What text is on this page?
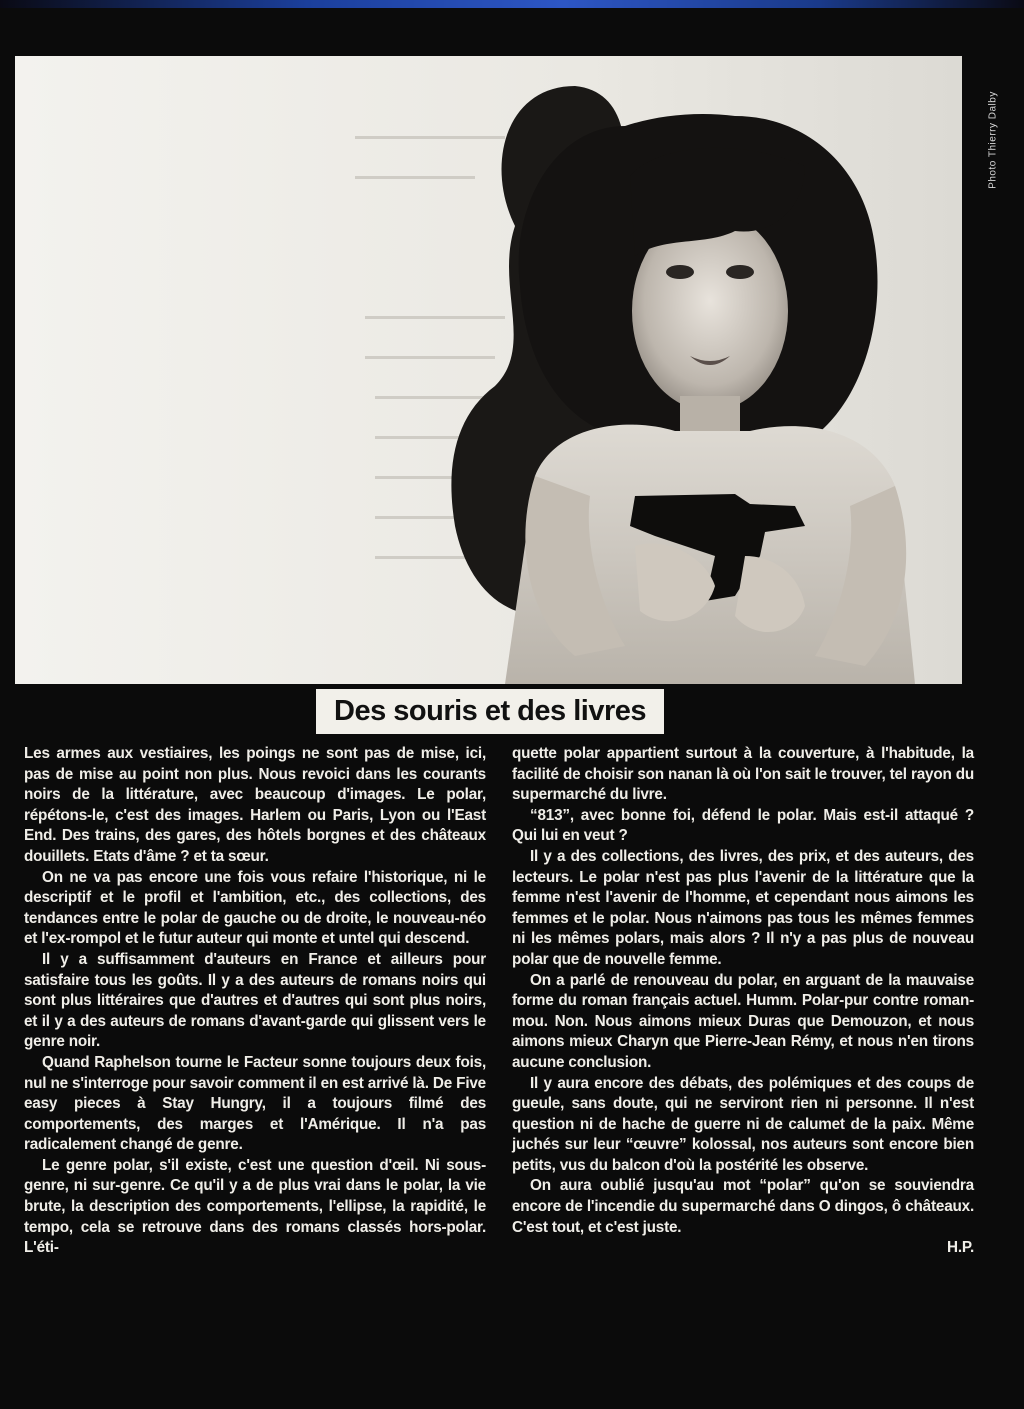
Photo Thierry Dalby
Des souris et des livres

Les armes aux vestiaires, les poings ne sont pas de mise, ici, pas de mise au point non plus. Nous revoici dans les courants noirs de la littérature, avec beaucoup d'images. Le polar, répétons-le, c'est des images. Harlem ou Paris, Lyon ou l'East End. Des trains, des gares, des hôtels borgnes et des châteaux douillets. Etats d'âme ? et ta sœur.

On ne va pas encore une fois vous refaire l'historique, ni le descriptif et le profil et l'ambition, etc., des collections, des tendances entre le polar de gauche ou de droite, le nouveau-néo et l'ex-rompol et le futur auteur qui monte et untel qui descend.

Il y a suffisamment d'auteurs en France et ailleurs pour satisfaire tous les goûts. Il y a des auteurs de romans noirs qui sont plus littéraires que d'autres et d'autres qui sont plus noirs, et il y a des auteurs de romans d'avant-garde qui glissent vers le genre noir.

Quand Raphelson tourne le Facteur sonne toujours deux fois, nul ne s'interroge pour savoir comment il en est arrivé là. De Five easy pieces à Stay Hungry, il a toujours filmé des comportements, des marges et l'Amérique. Il n'a pas radicalement changé de genre.

Le genre polar, s'il existe, c'est une question d'œil. Ni sous-genre, ni sur-genre. Ce qu'il y a de plus vrai dans le polar, la vie brute, la description des comportements, l'ellipse, la rapidité, le tempo, cela se retrouve dans des romans classés hors-polar. L'éti-

quette polar appartient surtout à la couverture, à l'habitude, la facilité de choisir son nanan là où l'on sait le trouver, tel rayon du supermarché du livre.

“813”, avec bonne foi, défend le polar. Mais est-il attaqué ? Qui lui en veut ?

Il y a des collections, des livres, des prix, et des auteurs, des lecteurs. Le polar n'est pas plus l'avenir de la littérature que la femme n'est l'avenir de l'homme, et cependant nous aimons les femmes et le polar. Nous n'aimons pas tous les mêmes femmes ni les mêmes polars, mais alors ? Il n'y a pas plus de nouveau polar que de nouvelle femme.

On a parlé de renouveau du polar, en arguant de la mauvaise forme du roman français actuel. Humm. Polar-pur contre roman-mou. Non. Nous aimons mieux Duras que Demouzon, et nous aimons mieux Charyn que Pierre-Jean Rémy, et nous n'en tirons aucune conclusion.

Il y aura encore des débats, des polémiques et des coups de gueule, sans doute, qui ne serviront rien ni personne. Il n'est question ni de hache de guerre ni de calumet de la paix. Même juchés sur leur “œuvre” kolossal, nos auteurs sont encore bien petits, vus du balcon d'où la postérité les observe.

On aura oublié jusqu'au mot “polar” qu'on se souviendra encore de l'incendie du supermarché dans O dingos, ô châteaux. C'est tout, et c'est juste.

H.P.
